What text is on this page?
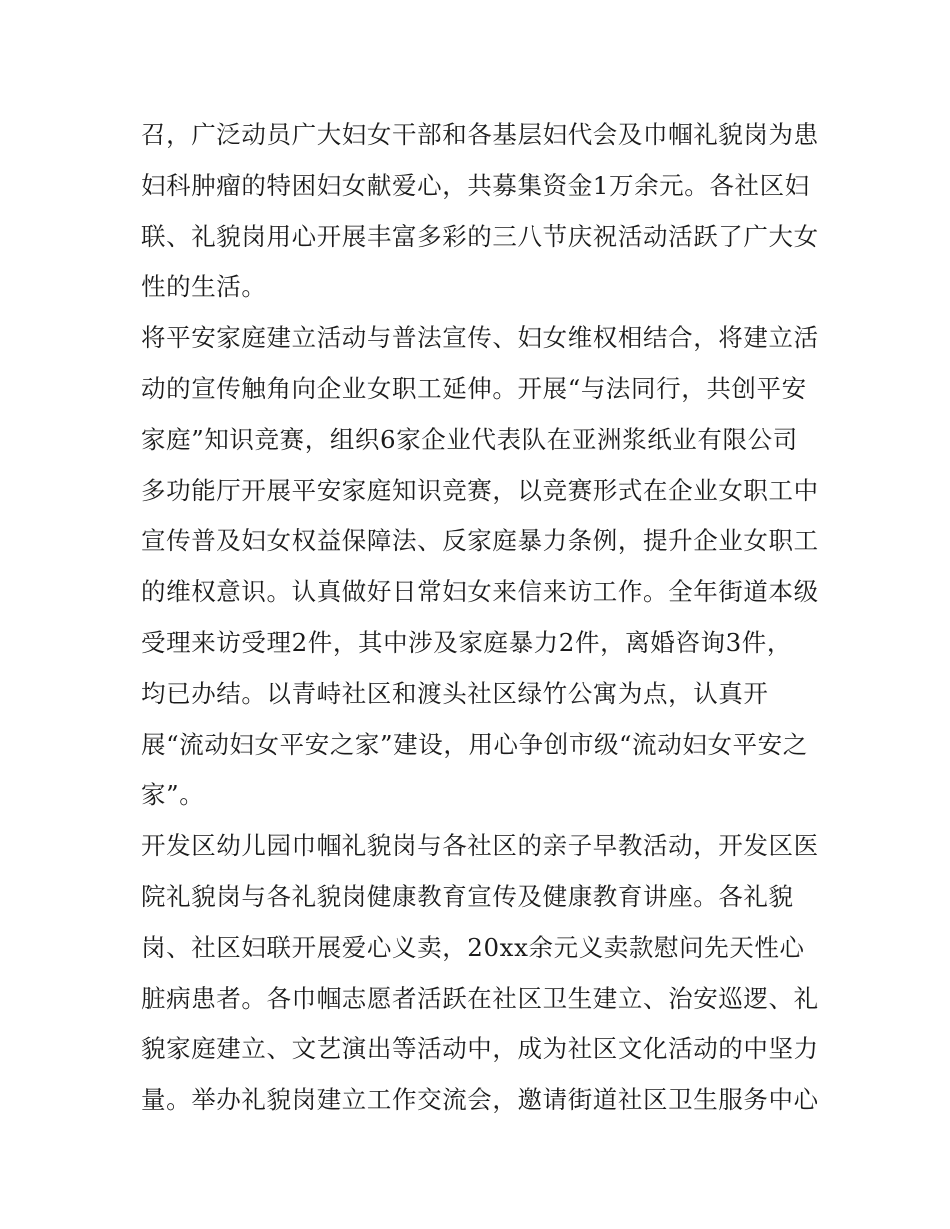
召，广泛动员广大妇女干部和各基层妇代会及巾帼礼貌岗为患
妇科肿瘤的特困妇女献爱心，共募集资金1万余元。各社区妇
联、礼貌岗用心开展丰富多彩的三八节庆祝活动活跃了广大女
性的生活。

将平安家庭建立活动与普法宣传、妇女维权相结合，将建立活
动的宣传触角向企业女职工延伸。开展“与法同行，共创平安
家庭”知识竞赛，组织6家企业代表队在亚洲浆纸业有限公司
多功能厅开展平安家庭知识竞赛，以竞赛形式在企业女职工中
宣传普及妇女权益保障法、反家庭暴力条例，提升企业女职工
的维权意识。认真做好日常妇女来信来访工作。全年街道本级
受理来访受理2件，其中涉及家庭暴力2件，离婚咨询3件，
均已办结。以青峙社区和渡头社区绿竹公寓为点，认真开
展“流动妇女平安之家”建设，用心争创市级“流动妇女平安之
家”。

开发区幼儿园巾帼礼貌岗与各社区的亲子早教活动，开发区医
院礼貌岗与各礼貌岗健康教育宣传及健康教育讲座。各礼貌
岗、社区妇联开展爱心义卖，20xx余元义卖款慰问先天性心
脏病患者。各巾帼志愿者活跃在社区卫生建立、治安巡逻、礼
貌家庭建立、文艺演出等活动中，成为社区文化活动的中坚力
量。举办礼貌岗建立工作交流会，邀请街道社区卫生服务中心
